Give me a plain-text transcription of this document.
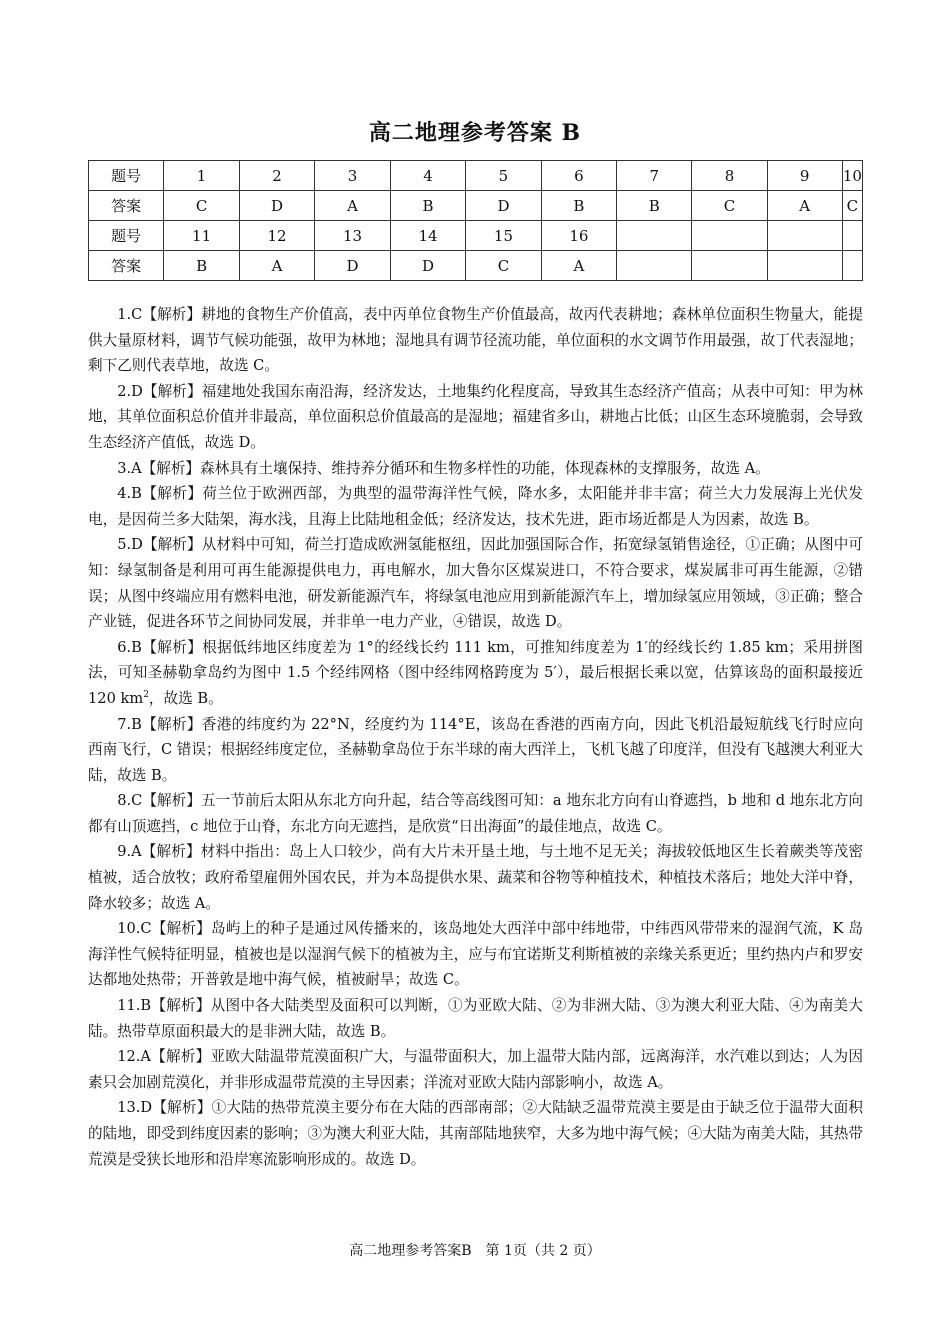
高二地理参考答案 B
题号	1	2	3	4	5	6	7	8	9	10
答案	C	D	A	B	D	B	B	C	A	C
题号	11	12	13	14	15	16				
答案	B	A	D	D	C	A				

1.C【解析】耕地的食物生产价值高，表中丙单位食物生产价值最高，故丙代表耕地；森林单位面积生物量大，能提供大量原材料，调节气候功能强，故甲为林地；湿地具有调节径流功能，单位面积的水文调节作用最强，故丁代表湿地；剩下乙则代表草地，故选 C。

2.D【解析】福建地处我国东南沿海，经济发达，土地集约化程度高，导致其生态经济产值高；从表中可知：甲为林地，其单位面积总价值并非最高，单位面积总价值最高的是湿地；福建省多山，耕地占比低；山区生态环境脆弱，会导致生态经济产值低，故选 D。

3.A【解析】森林具有土壤保持、维持养分循环和生物多样性的功能，体现森林的支撑服务，故选 A。

4.B【解析】荷兰位于欧洲西部，为典型的温带海洋性气候，降水多，太阳能并非丰富；荷兰大力发展海上光伏发电，是因荷兰多大陆架，海水浅，且海上比陆地租金低；经济发达，技术先进，距市场近都是人为因素，故选 B。

5.D【解析】从材料中可知，荷兰打造成欧洲氢能枢纽，因此加强国际合作，拓宽绿氢销售途径，①正确；从图中可知：绿氢制备是利用可再生能源提供电力，再电解水，加大鲁尔区煤炭进口，不符合要求，煤炭属非可再生能源，②错误；从图中终端应用有燃料电池，研发新能源汽车，将绿氢电池应用到新能源汽车上，增加绿氢应用领域，③正确；整合产业链，促进各环节之间协同发展，并非单一电力产业，④错误，故选 D。

6.B【解析】根据低纬地区纬度差为 1°的经线长约 111 km，可推知纬度差为 1′的经线长约 1.85 km；采用拼图法，可知圣赫勒拿岛约为图中 1.5 个经纬网格（图中经纬网格跨度为 5′），最后根据长乘以宽，估算该岛的面积最接近 120 $km^2$，故选 B。

7.B【解析】香港的纬度约为 22°N，经度约为 114°E，该岛在香港的西南方向，因此飞机沿最短航线飞行时应向西南飞行，C 错误；根据经纬度定位，圣赫勒拿岛位于东半球的南大西洋上，飞机飞越了印度洋，但没有飞越澳大利亚大陆，故选 B。

8.C【解析】五一节前后太阳从东北方向升起，结合等高线图可知：a 地东北方向有山脊遮挡，b 地和 d 地东北方向都有山顶遮挡，c 地位于山脊，东北方向无遮挡，是欣赏“日出海面”的最佳地点，故选 C。

9.A【解析】材料中指出：岛上人口较少，尚有大片未开垦土地，与土地不足无关；海拔较低地区生长着蕨类等茂密植被，适合放牧；政府希望雇佣外国农民，并为本岛提供水果、蔬菜和谷物等种植技术，种植技术落后；地处大洋中脊，降水较多；故选 A。

10.C【解析】岛屿上的种子是通过风传播来的，该岛地处大西洋中部中纬地带，中纬西风带带来的湿润气流，K 岛海洋性气候特征明显，植被也是以湿润气候下的植被为主，应与布宜诺斯艾利斯植被的亲缘关系更近；里约热内卢和罗安达都地处热带；开普敦是地中海气候，植被耐旱；故选 C。

11.B【解析】从图中各大陆类型及面积可以判断，①为亚欧大陆、②为非洲大陆、③为澳大利亚大陆、④为南美大陆。热带草原面积最大的是非洲大陆，故选 B。

12.A【解析】亚欧大陆温带荒漠面积广大，与温带面积大，加上温带大陆内部，远离海洋，水汽难以到达；人为因素只会加剧荒漠化，并非形成温带荒漠的主导因素；洋流对亚欧大陆内部影响小，故选 A。

13.D【解析】①大陆的热带荒漠主要分布在大陆的西部南部；②大陆缺乏温带荒漠主要是由于缺乏位于温带大面积的陆地，即受到纬度因素的影响；③为澳大利亚大陆，其南部陆地狭窄，大多为地中海气候；④大陆为南美大陆，其热带荒漠是受狭长地形和沿岸寒流影响形成的。故选 D。

高二地理参考答案B　第 1页（共 2 页）
